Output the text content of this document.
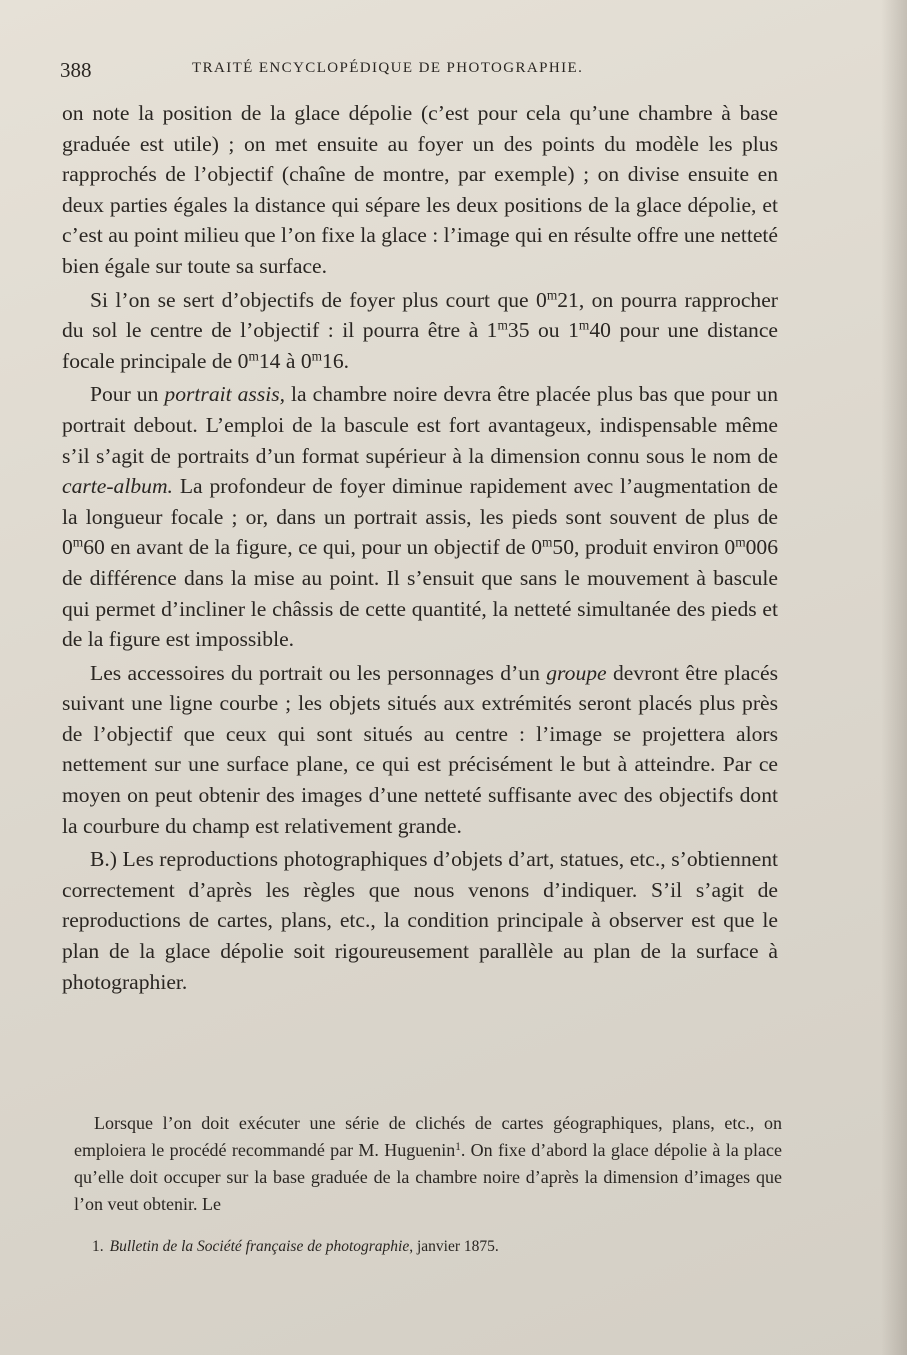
388	TRAITÉ ENCYCLOPÉDIQUE DE PHOTOGRAPHIE.

on note la position de la glace dépolie (c’est pour cela qu’une chambre à base graduée est utile) ; on met ensuite au foyer un des points du modèle les plus rapprochés de l’objectif (chaîne de montre, par exemple) ; on divise ensuite en deux parties égales la distance qui sépare les deux positions de la glace dépolie, et c’est au point milieu que l’on fixe la glace : l’image qui en résulte offre une netteté bien égale sur toute sa surface.

Si l’on se sert d’objectifs de foyer plus court que 0$^m$21, on pourra rapprocher du sol le centre de l’objectif : il pourra être à 1$^m$35 ou 1$^m$40 pour une distance focale principale de 0$^m$14 à 0$^m$16.

Pour un portrait assis, la chambre noire devra être placée plus bas que pour un portrait debout. L’emploi de la bascule est fort avantageux, indispensable même s’il s’agit de portraits d’un format supérieur à la dimension connu sous le nom de carte-album. La profondeur de foyer diminue rapidement avec l’augmentation de la longueur focale ; or, dans un portrait assis, les pieds sont souvent de plus de 0$^m$60 en avant de la figure, ce qui, pour un objectif de 0$^m$50, produit environ 0$^m$006 de différence dans la mise au point. Il s’ensuit que sans le mouvement à bascule qui permet d’incliner le châssis de cette quantité, la netteté simultanée des pieds et de la figure est impossible.

Les accessoires du portrait ou les personnages d’un groupe devront être placés suivant une ligne courbe ; les objets situés aux extrémités seront placés plus près de l’objectif que ceux qui sont situés au centre : l’image se projettera alors nettement sur une surface plane, ce qui est précisément le but à atteindre. Par ce moyen on peut obtenir des images d’une netteté suffisante avec des objectifs dont la courbure du champ est relativement grande.

B.) Les reproductions photographiques d’objets d’art, statues, etc., s’obtiennent correctement d’après les règles que nous venons d’indiquer. S’il s’agit de reproductions de cartes, plans, etc., la condition principale à observer est que le plan de la glace dépolie soit rigoureusement parallèle au plan de la surface à photographier.

Lorsque l’on doit exécuter une série de clichés de cartes géographiques, plans, etc., on emploiera le procédé recommandé par M. Huguenin$^1$. On fixe d’abord la glace dépolie à la place qu’elle doit occuper sur la base graduée de la chambre noire d’après la dimension d’images que l’on veut obtenir. Le

1. Bulletin de la Société française de photographie, janvier 1875.
